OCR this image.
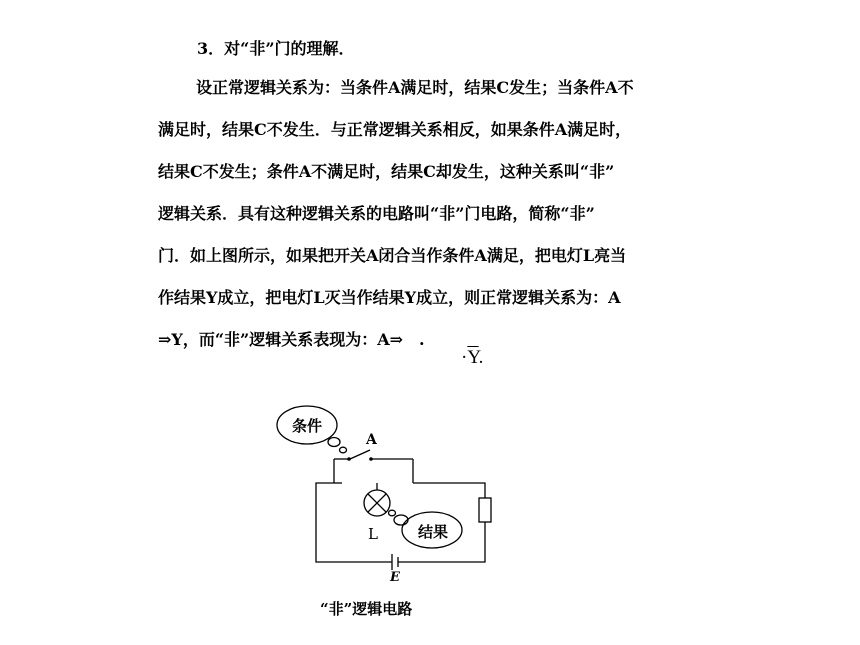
3．对“非”门的理解．
设正常逻辑关系为：当条件A满足时，结果C发生；当条件A不
满足时，结果C不发生．与正常逻辑关系相反，如果条件A满足时，
结果C不发生；条件A不满足时，结果C却发生，这种关系叫“非”
逻辑关系．具有这种逻辑关系的电路叫“非”门电路，简称“非”
门．如上图所示，如果把开关A闭合当作条件A满足，把电灯L亮当
作结果Y成立，把电灯L灭当作结果Y成立，则正常逻辑关系为：A
⇒Y，而“非”逻辑关系表现为：A⇒　.
$\cdot\overline{Y}$.
条件
A
L	结果
E
“非”逻辑电路
